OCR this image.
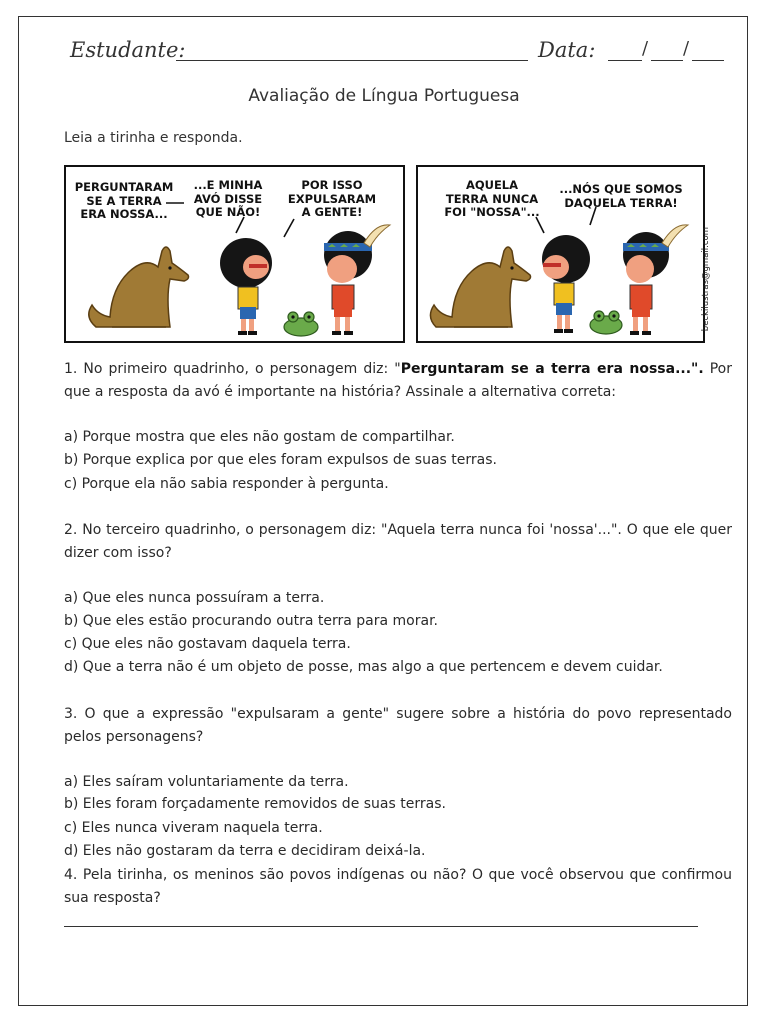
Estudante:	Data:	/ /
Avaliação de Língua Portuguesa
Leia a tirinha e responda.
PERGUNTARAM
SE A TERRA
ERA NOSSA...
...E MINHA
AVÓ DISSE
QUE NÃO!
POR ISSO
EXPULSARAM
A GENTE!
AQUELA
TERRA NUNCA
FOI "NOSSA"...
...NÓS QUE SOMOS
DAQUELA TERRA!
beckilustras@gmail.com
1. No primeiro quadrinho, o personagem diz: "Perguntaram se a terra era nossa...". Por que a resposta da avó é importante na história? Assinale a alternativa correta:
a) Porque mostra que eles não gostam de compartilhar.
b) Porque explica por que eles foram expulsos de suas terras.
c) Porque ela não sabia responder à pergunta.
2. No terceiro quadrinho, o personagem diz: "Aquela terra nunca foi 'nossa'...". O que ele quer dizer com isso?
a) Que eles nunca possuíram a terra.
b) Que eles estão procurando outra terra para morar.
c) Que eles não gostavam daquela terra.
d) Que a terra não é um objeto de posse, mas algo a que pertencem e devem cuidar.
3. O que a expressão "expulsaram a gente" sugere sobre a história do povo representado pelos personagens?
a) Eles saíram voluntariamente da terra.
b) Eles foram forçadamente removidos de suas terras.
c) Eles nunca viveram naquela terra.
d) Eles não gostaram da terra e decidiram deixá-la.
4. Pela tirinha, os meninos são povos indígenas ou não? O que você observou que confirmou sua resposta?
